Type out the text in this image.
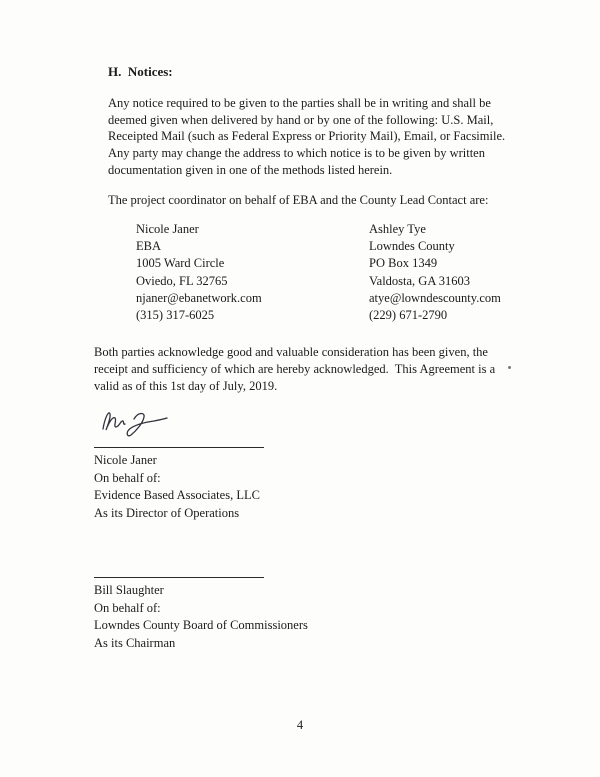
H.  Notices:

Any notice required to be given to the parties shall be in writing and shall be deemed given when delivered by hand or by one of the following: U.S. Mail, Receipted Mail (such as Federal Express or Priority Mail), Email, or Facsimile. Any party may change the address to which notice is to be given by written documentation given in one of the methods listed herein.

The project coordinator on behalf of EBA and the County Lead Contact are:

Nicole Janer
EBA
1005 Ward Circle
Oviedo, FL 32765
njaner@ebanetwork.com
(315) 317-6025
Ashley Tye
Lowndes County
PO Box 1349
Valdosta, GA 31603
atye@lowndescounty.com
(229) 671-2790

Both parties acknowledge good and valuable consideration has been given, the receipt and sufficiency of which are hereby acknowledged.  This Agreement is a valid as of this 1st day of July, 2019.

Nicole Janer
On behalf of:
Evidence Based Associates, LLC
As its Director of Operations
Bill Slaughter
On behalf of:
Lowndes County Board of Commissioners
As its Chairman
4
